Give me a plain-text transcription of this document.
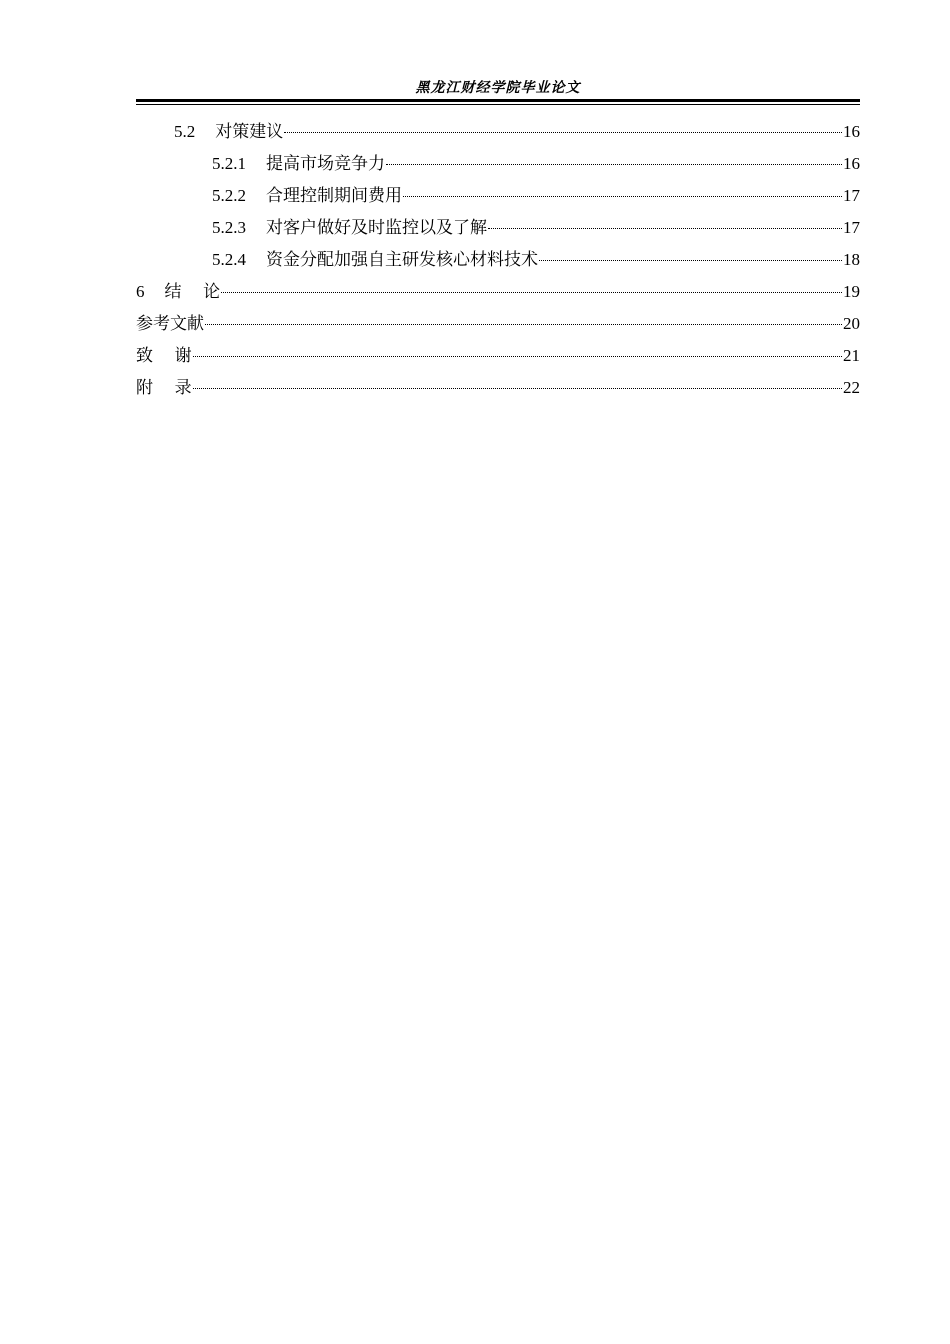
黑龙江财经学院毕业论文
5.2 对策建议	16
5.2.1 提高市场竞争力	16
5.2.2 合理控制期间费用	17
5.2.3 对客户做好及时监控以及了解	17
5.2.4 资金分配加强自主研发核心材料技术	18
6 结    论	19
参考文献	20
致    谢	21
附    录	22
